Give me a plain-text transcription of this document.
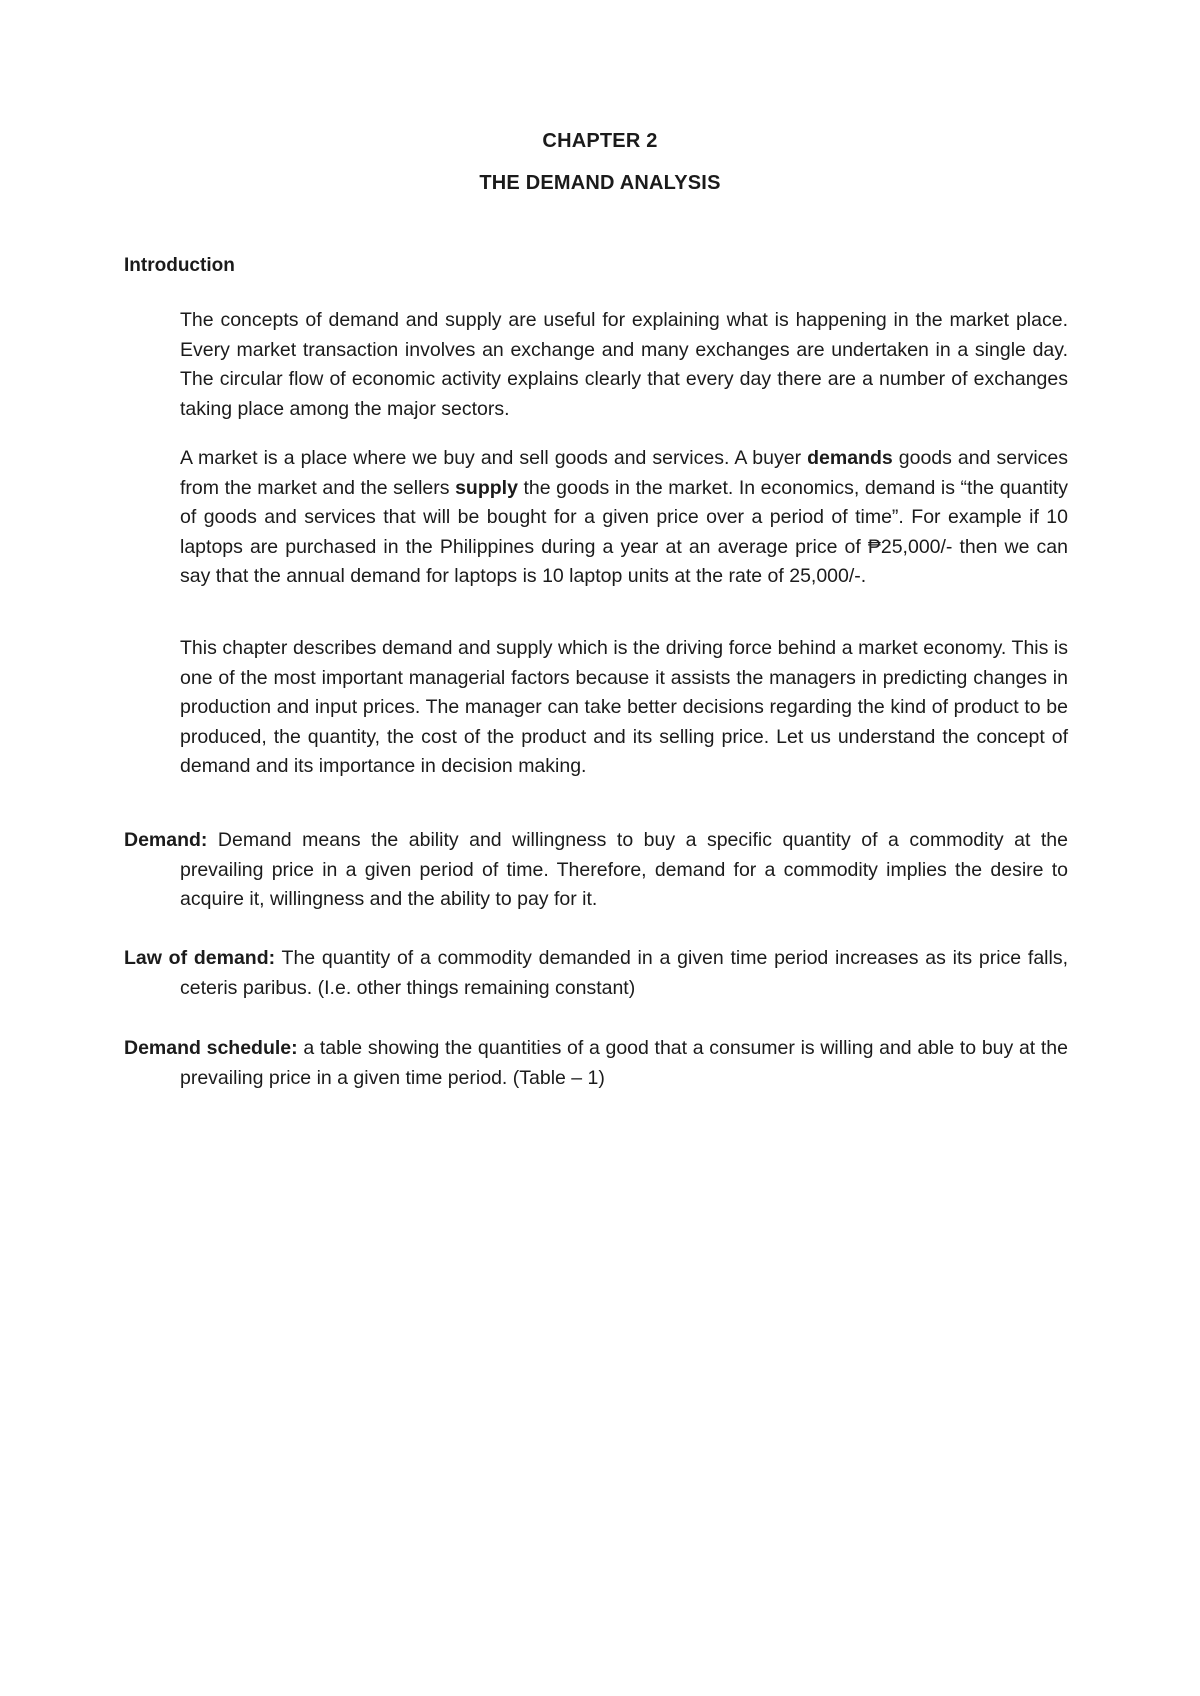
CHAPTER 2
THE DEMAND ANALYSIS
Introduction
The concepts of demand and supply are useful for explaining what is happening in the market place. Every market transaction involves an exchange and many exchanges are undertaken in a single day. The circular flow of economic activity explains clearly that every day there are a number of exchanges taking place among the major sectors.
A market is a place where we buy and sell goods and services. A buyer demands goods and services from the market and the sellers supply the goods in the market. In economics, demand is “the quantity of goods and services that will be bought for a given price over a period of time”. For example if 10 laptops are purchased in the Philippines during a year at an average price of ₱25,000/- then we can say that the annual demand for laptops is 10 laptop units at the rate of 25,000/-.
This chapter describes demand and supply which is the driving force behind a market economy. This is one of the most important managerial factors because it assists the managers in predicting changes in production and input prices. The manager can take better decisions regarding the kind of product to be produced, the quantity, the cost of the product and its selling price. Let us understand the concept of demand and its importance in decision making.
Demand: Demand means the ability and willingness to buy a specific quantity of a commodity at the prevailing price in a given period of time. Therefore, demand for a commodity implies the desire to acquire it, willingness and the ability to pay for it.
Law of demand: The quantity of a commodity demanded in a given time period increases as its price falls, ceteris paribus. (I.e. other things remaining constant)
Demand schedule: a table showing the quantities of a good that a consumer is willing and able to buy at the prevailing price in a given time period. (Table – 1)
